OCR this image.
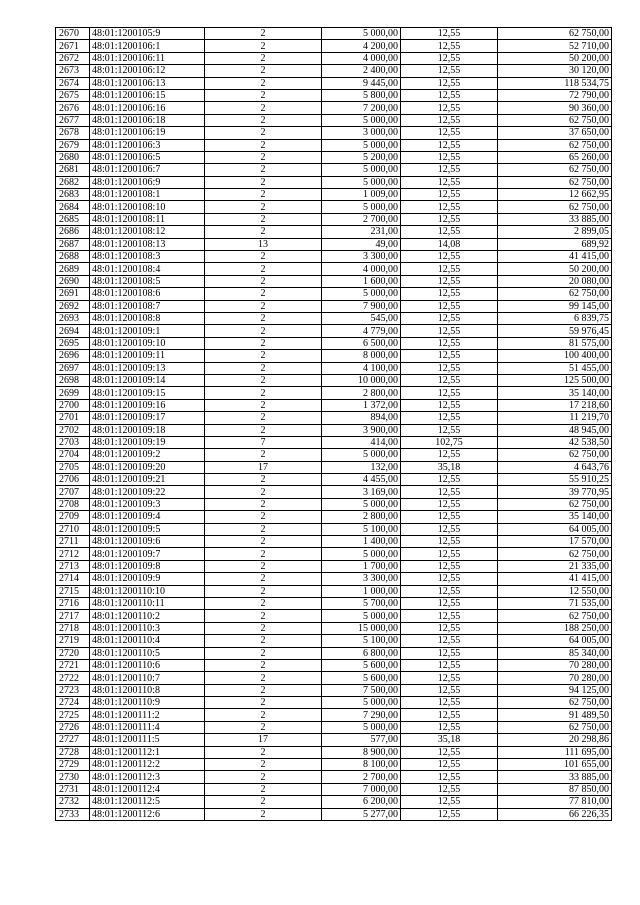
2670	48:01:1200105:9	2	5 000,00	12,55	62 750,00
2671	48:01:1200106:1	2	4 200,00	12,55	52 710,00
2672	48:01:1200106:11	2	4 000,00	12,55	50 200,00
2673	48:01:1200106:12	2	2 400,00	12,55	30 120,00
2674	48:01:1200106:13	2	9 445,00	12,55	118 534,75
2675	48:01:1200106:15	2	5 800,00	12,55	72 790,00
2676	48:01:1200106:16	2	7 200,00	12,55	90 360,00
2677	48:01:1200106:18	2	5 000,00	12,55	62 750,00
2678	48:01:1200106:19	2	3 000,00	12,55	37 650,00
2679	48:01:1200106:3	2	5 000,00	12,55	62 750,00
2680	48:01:1200106:5	2	5 200,00	12,55	65 260,00
2681	48:01:1200106:7	2	5 000,00	12,55	62 750,00
2682	48:01:1200106:9	2	5 000,00	12,55	62 750,00
2683	48:01:1200108:1	2	1 009,00	12,55	12 662,95
2684	48:01:1200108:10	2	5 000,00	12,55	62 750,00
2685	48:01:1200108:11	2	2 700,00	12,55	33 885,00
2686	48:01:1200108:12	2	231,00	12,55	2 899,05
2687	48:01:1200108:13	13	49,00	14,08	689,92
2688	48:01:1200108:3	2	3 300,00	12,55	41 415,00
2689	48:01:1200108:4	2	4 000,00	12,55	50 200,00
2690	48:01:1200108:5	2	1 600,00	12,55	20 080,00
2691	48:01:1200108:6	2	5 000,00	12,55	62 750,00
2692	48:01:1200108:7	2	7 900,00	12,55	99 145,00
2693	48:01:1200108:8	2	545,00	12,55	6 839,75
2694	48:01:1200109:1	2	4 779,00	12,55	59 976,45
2695	48:01:1200109:10	2	6 500,00	12,55	81 575,00
2696	48:01:1200109:11	2	8 000,00	12,55	100 400,00
2697	48:01:1200109:13	2	4 100,00	12,55	51 455,00
2698	48:01:1200109:14	2	10 000,00	12,55	125 500,00
2699	48:01:1200109:15	2	2 800,00	12,55	35 140,00
2700	48:01:1200109:16	2	1 372,00	12,55	17 218,60
2701	48:01:1200109:17	2	894,00	12,55	11 219,70
2702	48:01:1200109:18	2	3 900,00	12,55	48 945,00
2703	48:01:1200109:19	7	414,00	102,75	42 538,50
2704	48:01:1200109:2	2	5 000,00	12,55	62 750,00
2705	48:01:1200109:20	17	132,00	35,18	4 643,76
2706	48:01:1200109:21	2	4 455,00	12,55	55 910,25
2707	48:01:1200109:22	2	3 169,00	12,55	39 770,95
2708	48:01:1200109:3	2	5 000,00	12,55	62 750,00
2709	48:01:1200109:4	2	2 800,00	12,55	35 140,00
2710	48:01:1200109:5	2	5 100,00	12,55	64 005,00
2711	48:01:1200109:6	2	1 400,00	12,55	17 570,00
2712	48:01:1200109:7	2	5 000,00	12,55	62 750,00
2713	48:01:1200109:8	2	1 700,00	12,55	21 335,00
2714	48:01:1200109:9	2	3 300,00	12,55	41 415,00
2715	48:01:1200110:10	2	1 000,00	12,55	12 550,00
2716	48:01:1200110:11	2	5 700,00	12,55	71 535,00
2717	48:01:1200110:2	2	5 000,00	12,55	62 750,00
2718	48:01:1200110:3	2	15 000,00	12,55	188 250,00
2719	48:01:1200110:4	2	5 100,00	12,55	64 005,00
2720	48:01:1200110:5	2	6 800,00	12,55	85 340,00
2721	48:01:1200110:6	2	5 600,00	12,55	70 280,00
2722	48:01:1200110:7	2	5 600,00	12,55	70 280,00
2723	48:01:1200110:8	2	7 500,00	12,55	94 125,00
2724	48:01:1200110:9	2	5 000,00	12,55	62 750,00
2725	48:01:1200111:2	2	7 290,00	12,55	91 489,50
2726	48:01:1200111:4	2	5 000,00	12,55	62 750,00
2727	48:01:1200111:5	17	577,00	35,18	20 298,86
2728	48:01:1200112:1	2	8 900,00	12,55	111 695,00
2729	48:01:1200112:2	2	8 100,00	12,55	101 655,00
2730	48:01:1200112:3	2	2 700,00	12,55	33 885,00
2731	48:01:1200112:4	2	7 000,00	12,55	87 850,00
2732	48:01:1200112:5	2	6 200,00	12,55	77 810,00
2733	48:01:1200112:6	2	5 277,00	12,55	66 226,35
